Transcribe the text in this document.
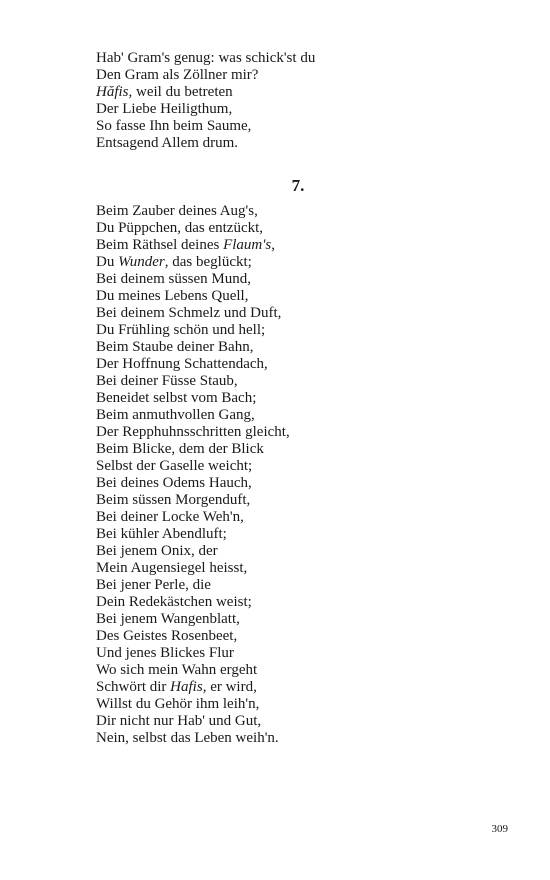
Hab' Gram's genug: was schick'st du
Den Gram als Zöllner mir?
Hăfis, weil du betreten
Der Liebe Heiligthum,
So fasse Ihn beim Saume,
Entsagend Allem drum.
7.
Beim Zauber deines Aug's,
Du Püppchen, das entzückt,
Beim Räthsel deines Flaum's,
Du Wunder, das beglückt;
Bei deinem süssen Mund,
Du meines Lebens Quell,
Bei deinem Schmelz und Duft,
Du Frühling schön und hell;
Beim Staube deiner Bahn,
Der Hoffnung Schattendach,
Bei deiner Füsse Staub,
Beneidet selbst vom Bach;
Beim anmuthvollen Gang,
Der Repphuhnsschritten gleicht,
Beim Blicke, dem der Blick
Selbst der Gaselle weicht;
Bei deines Odems Hauch,
Beim süssen Morgenduft,
Bei deiner Locke Weh'n,
Bei kühler Abendluft;
Bei jenem Onix, der
Mein Augensiegel heisst,
Bei jener Perle, die
Dein Redekästchen weist;
Bei jenem Wangenblatt,
Des Geistes Rosenbeet,
Und jenes Blickes Flur
Wo sich mein Wahn ergeht
Schwört dir Hafis, er wird,
Willst du Gehör ihm leih'n,
Dir nicht nur Hab' und Gut,
Nein, selbst das Leben weih'n.
309
